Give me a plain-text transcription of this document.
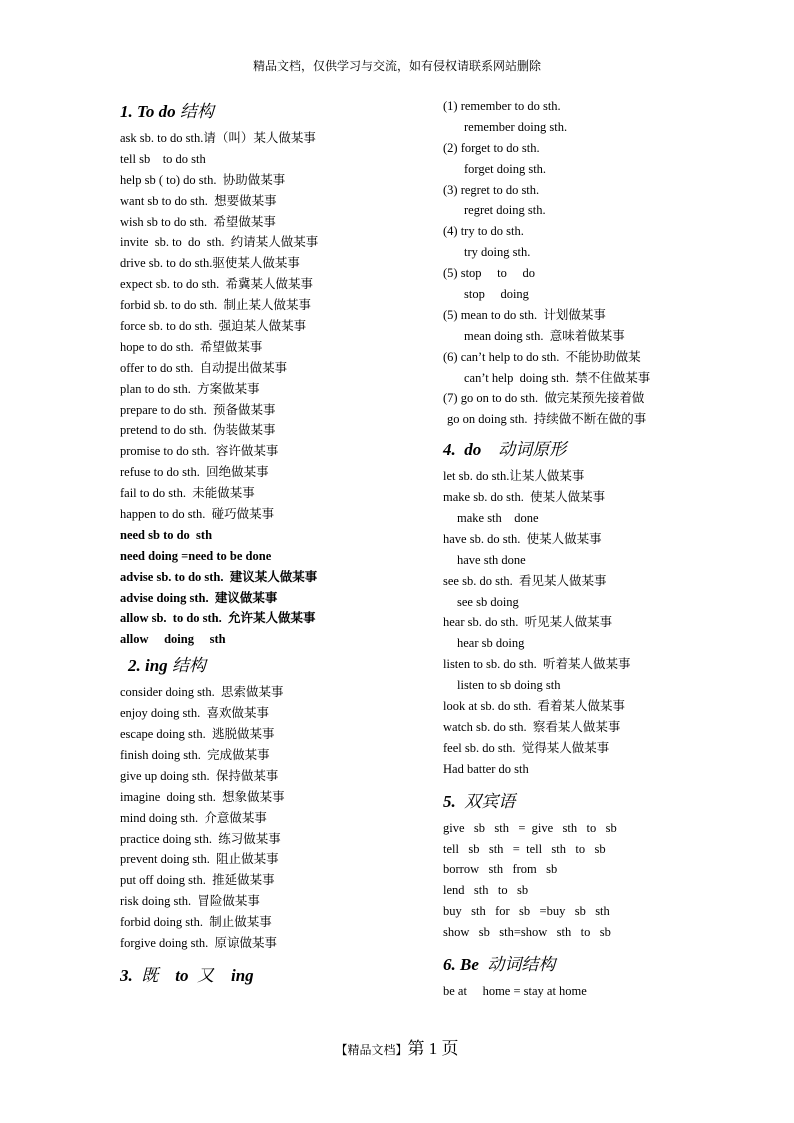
精品文档，仅供学习与交流，如有侵权请联系网站删除
1. To do 结构
ask sb. to do sth.请（叫）某人做某事
tell sb    to do sth
help sb ( to) do sth.  协助做某事
want sb to do sth.  想要做某事
wish sb to do sth.  希望做某事
invite  sb. to  do  sth.  约请某人做某事
drive sb. to do sth.驱使某人做某事
expect sb. to do sth.  希冀某人做某事
forbid sb. to do sth.  制止某人做某事
force sb. to do sth.  强迫某人做某事
hope to do sth.  希望做某事
offer to do sth.  自动提出做某事
plan to do sth.  方案做某事
prepare to do sth.  预备做某事
pretend to do sth.  伪装做某事
promise to do sth.  容许做某事
refuse to do sth.  回绝做某事
fail to do sth.  未能做某事
happen to do sth.  碰巧做某事
need sb to do  sth
need doing =need to be done
advise sb. to do sth.  建议某人做某事
advise doing sth.  建议做某事
allow sb.  to do sth.  允许某人做某事
allow     doing     sth
2. ing 结构
consider doing sth.  思索做某事
enjoy doing sth.  喜欢做某事
escape doing sth.  逃脱做某事
finish doing sth.  完成做某事
give up doing sth.  保持做某事
imagine  doing sth.  想象做某事
mind doing sth.  介意做某事
practice doing sth.  练习做某事
prevent doing sth.  阻止做某事
put off doing sth.  推延做某事
risk doing sth.  冒险做某事
forbid doing sth.  制止做某事
forgive doing sth.  原谅做某事
3.  既    to  又    ing
(1) remember to do sth.
remember doing sth.
(2) forget to do sth.
forget doing sth.
(3) regret to do sth.
regret doing sth.
(4) try to do sth.
try doing sth.
(5) stop     to     do
stop     doing
(5) mean to do sth.  计划做某事
mean doing sth.  意味着做某事
(6) can’t help to do sth.  不能协助做某
can’t help  doing sth.  禁不住做某事
(7) go on to do sth.  做完某预先接着做
go on doing sth.  持续做不断在做的事
4.  do    动词原形
let sb. do sth.让某人做某事
make sb. do sth.  使某人做某事
make sth    done
have sb. do sth.  使某人做某事
have sth done
see sb. do sth.  看见某人做某事
see sb doing
hear sb. do sth.  听见某人做某事
hear sb doing
listen to sb. do sth.  听着某人做某事
listen to sb doing sth
look at sb. do sth.  看着某人做某事
watch sb. do sth.  察看某人做某事
feel sb. do sth.  觉得某人做某事
Had batter do sth
5.  双宾语
give   sb   sth   =  give   sth   to   sb
tell   sb   sth   =  tell   sth   to   sb
borrow   sth   from   sb
lend   sth   to   sb
buy   sth   for   sb   =buy   sb   sth
show   sb   sth=show   sth   to   sb
6. Be  动词结构
be at     home = stay at home
【精品文档】第 1 页
